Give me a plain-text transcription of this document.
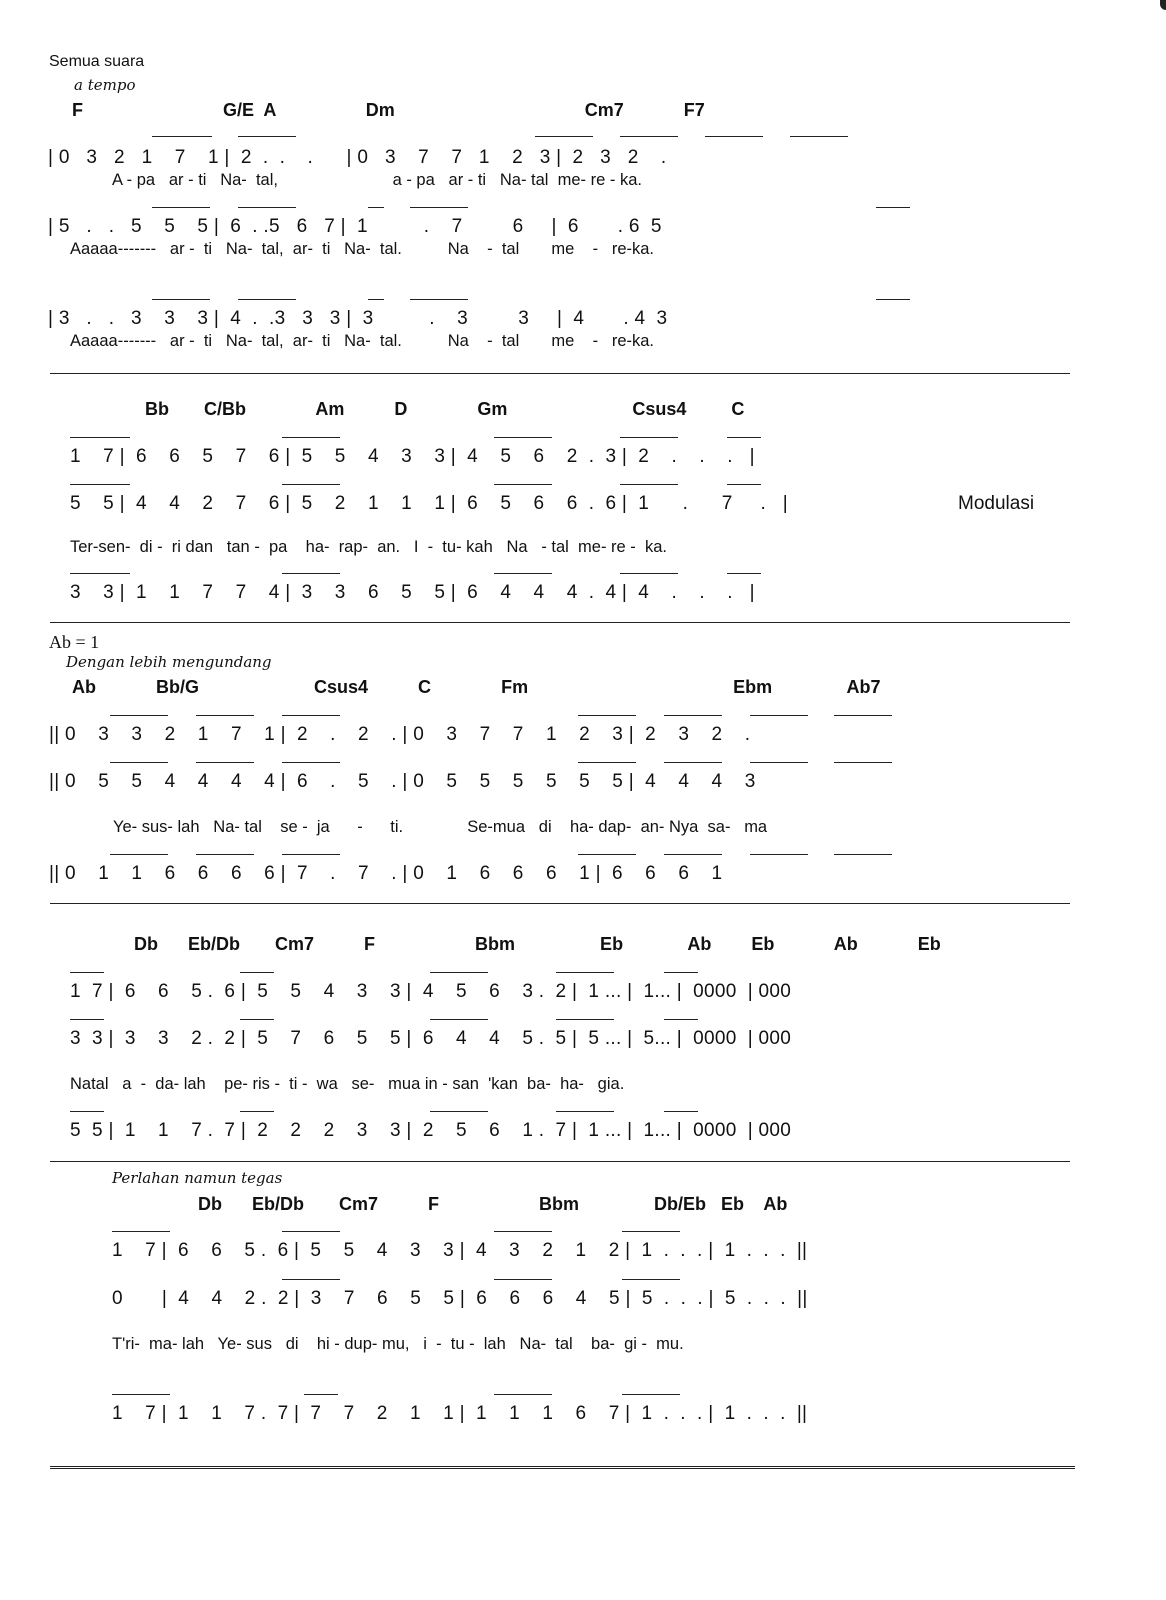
Semua suara
a tempo
F                            G/E  A                  Dm                                      Cm7            F7
| 0   3   2   1    7    1 |  2  .  .    .      | 0   3    7    7   1    2   3 |  2   3   2    .
A - pa   ar - ti   Na-  tal,                         a - pa   ar - ti   Na- tal  me- re - ka.
| 5   .   .   5    5    5 |  6  . .5   6   7 |  1          .    7         6     |  6       . 6  5
Aaaaa-------   ar -  ti   Na-  tal,  ar-  ti   Na-  tal.          Na    -  tal       me    -   re-ka.
| 3   .   .   3    3    3 |  4  .  .3   3   3 |  3          .    3         3     |  4       . 4  3
Aaaaa-------   ar -  ti   Na-  tal,  ar-  ti   Na-  tal.          Na    -  tal       me    -   re-ka.
Bb       C/Bb              Am          D              Gm                         Csus4         C
1    7 |  6    6    5    7    6 |  5    5    4    3    3 |  4    5    6    2  .  3 |  2    .    .    .   |
5    5 |  4    4    2    7    6 |  5    2    1    1    1 |  6    5    6    6  .  6 |  1      .      7     .   |	Modulasi
Ter-sen-  di -  ri dan   tan -  pa    ha-  rap-  an.   I  -  tu- kah   Na   - tal  me- re -  ka.
3    3 |  1    1    7    7    4 |  3    3    6    5    5 |  6    4    4    4  .  4 |  4    .    .    .   |
Ab = 1
Dengan lebih mengundang
Ab            Bb/G                       Csus4          C              Fm                                         Ebm               Ab7
|| 0    3    3    2    1    7    1 |  2    .    2    . | 0    3    7    7    1    2    3 |  2    3    2    .
|| 0    5    5    4    4    4    4 |  6    .    5    . | 0    5    5    5    5    5    5 |  4    4    4    3
Ye- sus- lah   Na- tal    se -  ja      -      ti.              Se-mua   di    ha- dap-  an- Nya  sa-   ma
|| 0    1    1    6    6    6    6 |  7    .    7    . | 0    1    6    6    6    1 |  6    6    6    1
Db      Eb/Db       Cm7          F                    Bbm                 Eb             Ab        Eb            Ab            Eb
1  7 |  6    6    5 .  6 |  5    5    4    3    3 |  4    5    6    3 .  2 |  1 ... |  1... |  0000  | 000
3  3 |  3    3    2 .  2 |  5    7    6    5    5 |  6    4    4    5 .  5 |  5 ... |  5... |  0000  | 000
Natal   a  -  da- lah    pe- ris -  ti -  wa   se-   mua in - san  'kan  ba-  ha-   gia.
5  5 |  1    1    7 .  7 |  2    2    2    3    3 |  2    5    6    1 .  7 |  1 ... |  1... |  0000  | 000
Perlahan namun tegas
Db      Eb/Db       Cm7          F                    Bbm               Db/Eb   Eb    Ab
1    7 |  6    6    5 .  6 |  5    5    4    3    3 |  4    3    2    1    2 |  1  .  .  . |  1  .  .  .  ||
0       |  4    4    2 .  2 |  3    7    6    5    5 |  6    6    6    4    5 |  5  .  .  . |  5  .  .  .  ||
T'ri-  ma- lah   Ye- sus   di    hi - dup- mu,   i  -  tu -  lah   Na-  tal    ba-  gi -  mu.
1    7 |  1    1    7 .  7 |  7    7    2    1    1 |  1    1    1    6    7 |  1  .  .  . |  1  .  .  .  ||
